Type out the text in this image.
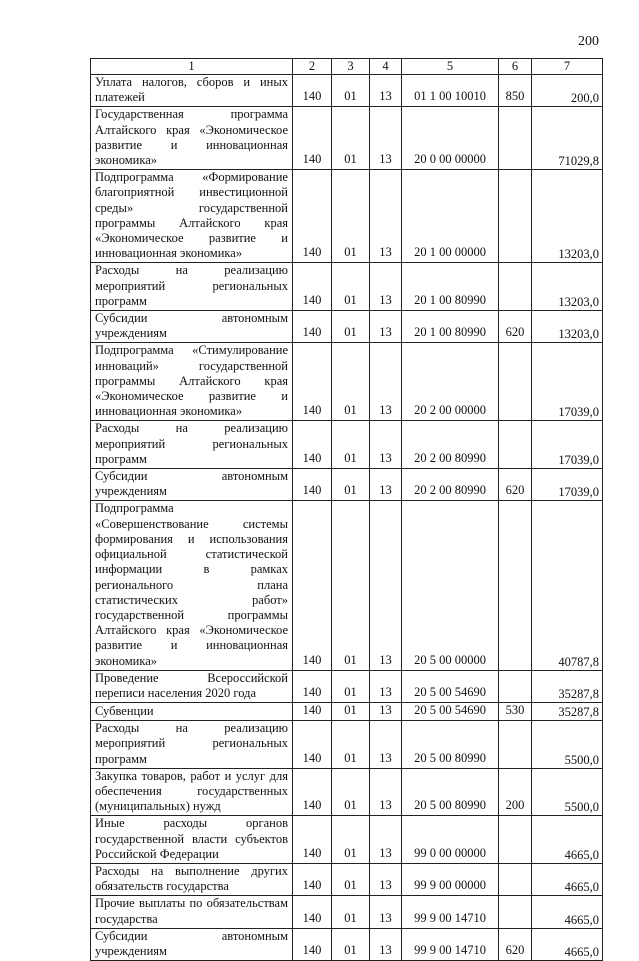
200
1	2	3	4	5	6	7
Уплата налогов, сборов и иных платежей	140	01	13	01 1 00 10010	850	200,0
Государственная программа Алтайского края «Экономическое развитие и инновационная экономика»	140	01	13	20 0 00 00000		71029,8
Подпрограмма «Формирование благоприятной инвестиционной среды» государственной программы Алтайского края «Экономическое развитие и инновационная экономика»	140	01	13	20 1 00 00000		13203,0
Расходы на реализацию мероприятий региональных программ	140	01	13	20 1 00 80990		13203,0
Субсидии автономным учреждениям	140	01	13	20 1 00 80990	620	13203,0
Подпрограмма «Стимулирование инноваций» государственной программы Алтайского края «Экономическое развитие и инновационная экономика»	140	01	13	20 2 00 00000		17039,0
Расходы на реализацию мероприятий региональных программ	140	01	13	20 2 00 80990		17039,0
Субсидии автономным учреждениям	140	01	13	20 2 00 80990	620	17039,0
Подпрограмма «Совершенствование системы формирования и использования официальной статистической информации в рамках регионального плана статистических работ» государственной программы Алтайского края «Экономическое развитие и инновационная экономика»	140	01	13	20 5 00 00000		40787,8
Проведение Всероссийской переписи населения 2020 года	140	01	13	20 5 00 54690		35287,8
Субвенции	140	01	13	20 5 00 54690	530	35287,8
Расходы на реализацию мероприятий региональных программ	140	01	13	20 5 00 80990		5500,0
Закупка товаров, работ и услуг для обеспечения государственных (муниципальных) нужд	140	01	13	20 5 00 80990	200	5500,0
Иные расходы органов государственной власти субъектов Российской Федерации	140	01	13	99 0 00 00000		4665,0
Расходы на выполнение других обязательств государства	140	01	13	99 9 00 00000		4665,0
Прочие выплаты по обязательствам государства	140	01	13	99 9 00 14710		4665,0
Субсидии автономным учреждениям	140	01	13	99 9 00 14710	620	4665,0
